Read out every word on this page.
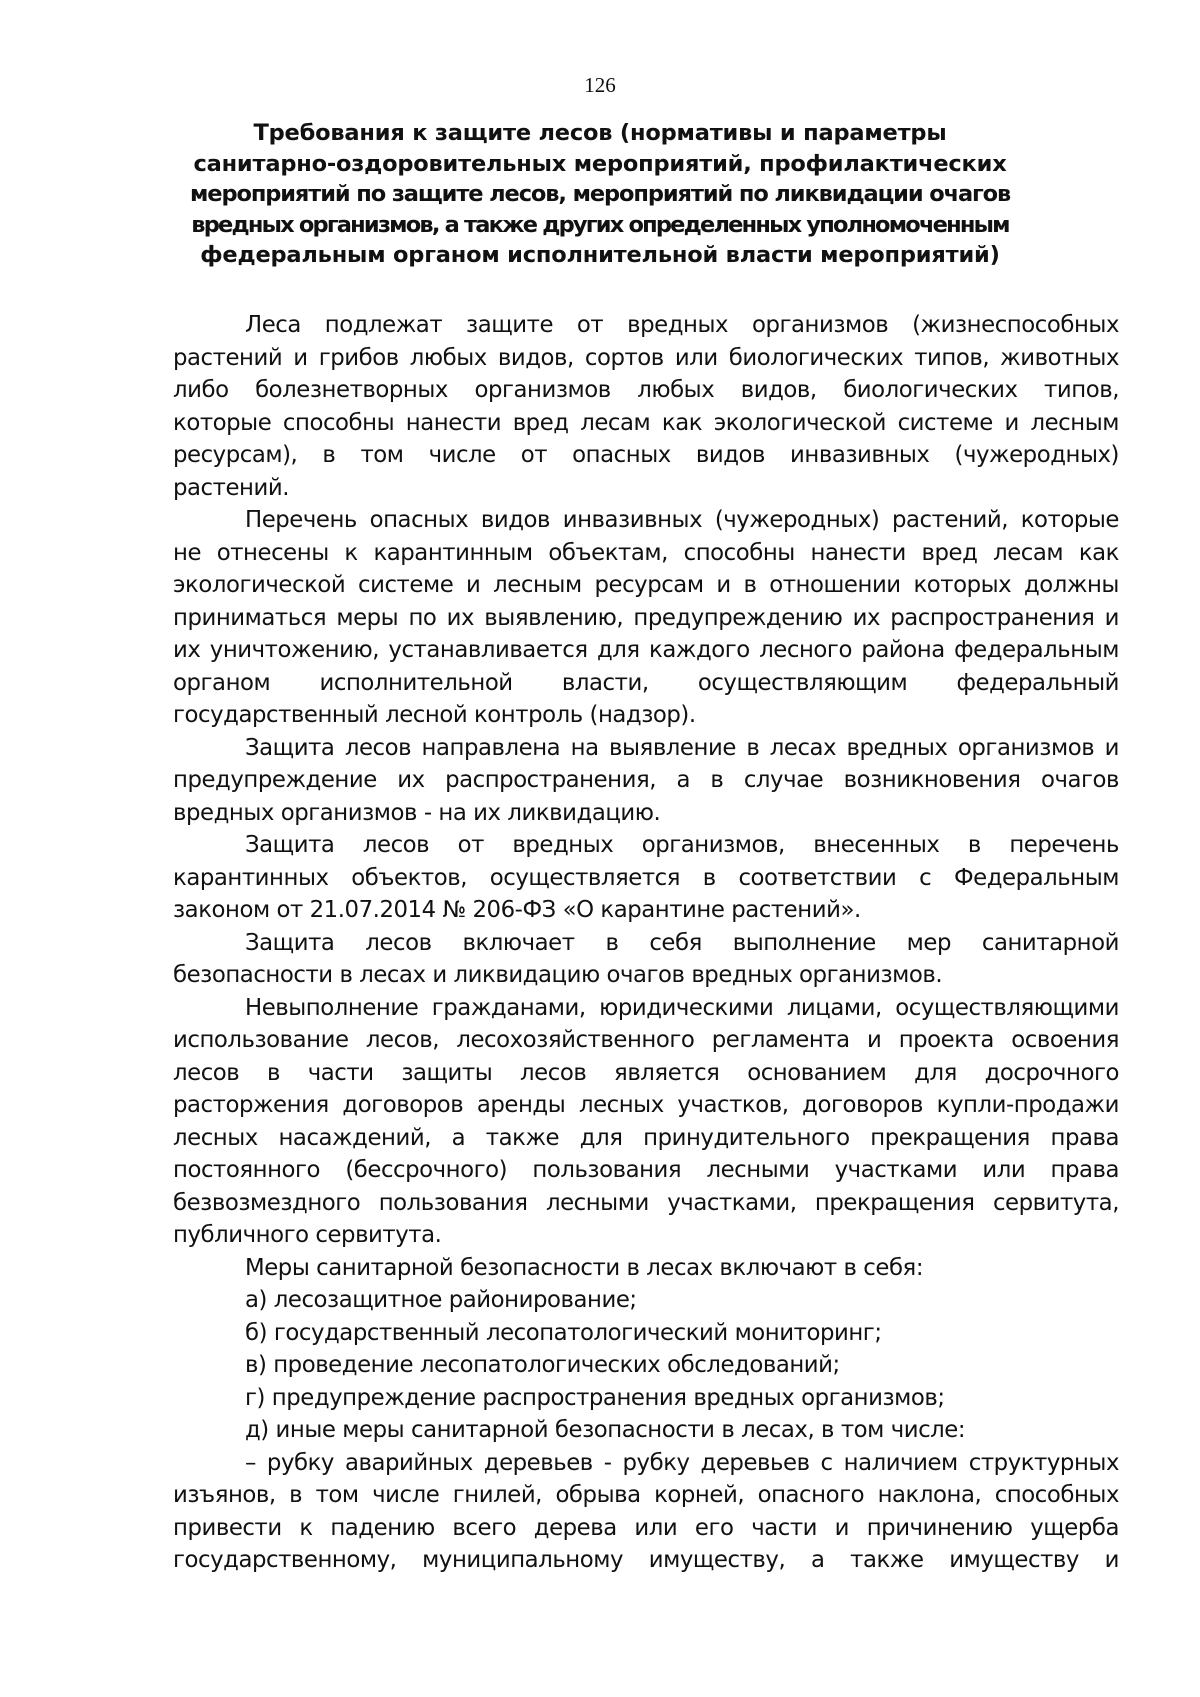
126
Требования к защите лесов (нормативы и параметры
санитарно-оздоровительных мероприятий, профилактических
мероприятий по защите лесов, мероприятий по ликвидации очагов
вредных организмов, а также других определенных уполномоченным
федеральным органом исполнительной власти мероприятий)
Леса подлежат защите от вредных организмов (жизнеспособных
растений и грибов любых видов, сортов или биологических типов, животных
либо болезнетворных организмов любых видов, биологических типов,
которые способны нанести вред лесам как экологической системе и лесным
ресурсам), в том числе от опасных видов инвазивных (чужеродных)
растений.
Перечень опасных видов инвазивных (чужеродных) растений, которые
не отнесены к карантинным объектам, способны нанести вред лесам как
экологической системе и лесным ресурсам и в отношении которых должны
приниматься меры по их выявлению, предупреждению их распространения и
их уничтожению, устанавливается для каждого лесного района федеральным
органом исполнительной власти, осуществляющим федеральный
государственный лесной контроль (надзор).
Защита лесов направлена на выявление в лесах вредных организмов и
предупреждение их распространения, а в случае возникновения очагов
вредных организмов - на их ликвидацию.
Защита лесов от вредных организмов, внесенных в перечень
карантинных объектов, осуществляется в соответствии с Федеральным
законом от 21.07.2014 № 206-ФЗ «О карантине растений».
Защита лесов включает в себя выполнение мер санитарной
безопасности в лесах и ликвидацию очагов вредных организмов.
Невыполнение гражданами, юридическими лицами, осуществляющими
использование лесов, лесохозяйственного регламента и проекта освоения
лесов в части защиты лесов является основанием для досрочного
расторжения договоров аренды лесных участков, договоров купли-продажи
лесных насаждений, а также для принудительного прекращения права
постоянного (бессрочного) пользования лесными участками или права
безвозмездного пользования лесными участками, прекращения сервитута,
публичного сервитута.
Меры санитарной безопасности в лесах включают в себя:
а) лесозащитное районирование;
б) государственный лесопатологический мониторинг;
в) проведение лесопатологических обследований;
г) предупреждение распространения вредных организмов;
д) иные меры санитарной безопасности в лесах, в том числе:
– рубку аварийных деревьев - рубку деревьев с наличием структурных
изъянов, в том числе гнилей, обрыва корней, опасного наклона, способных
привести к падению всего дерева или его части и причинению ущерба
государственному, муниципальному имуществу, а также имуществу и
